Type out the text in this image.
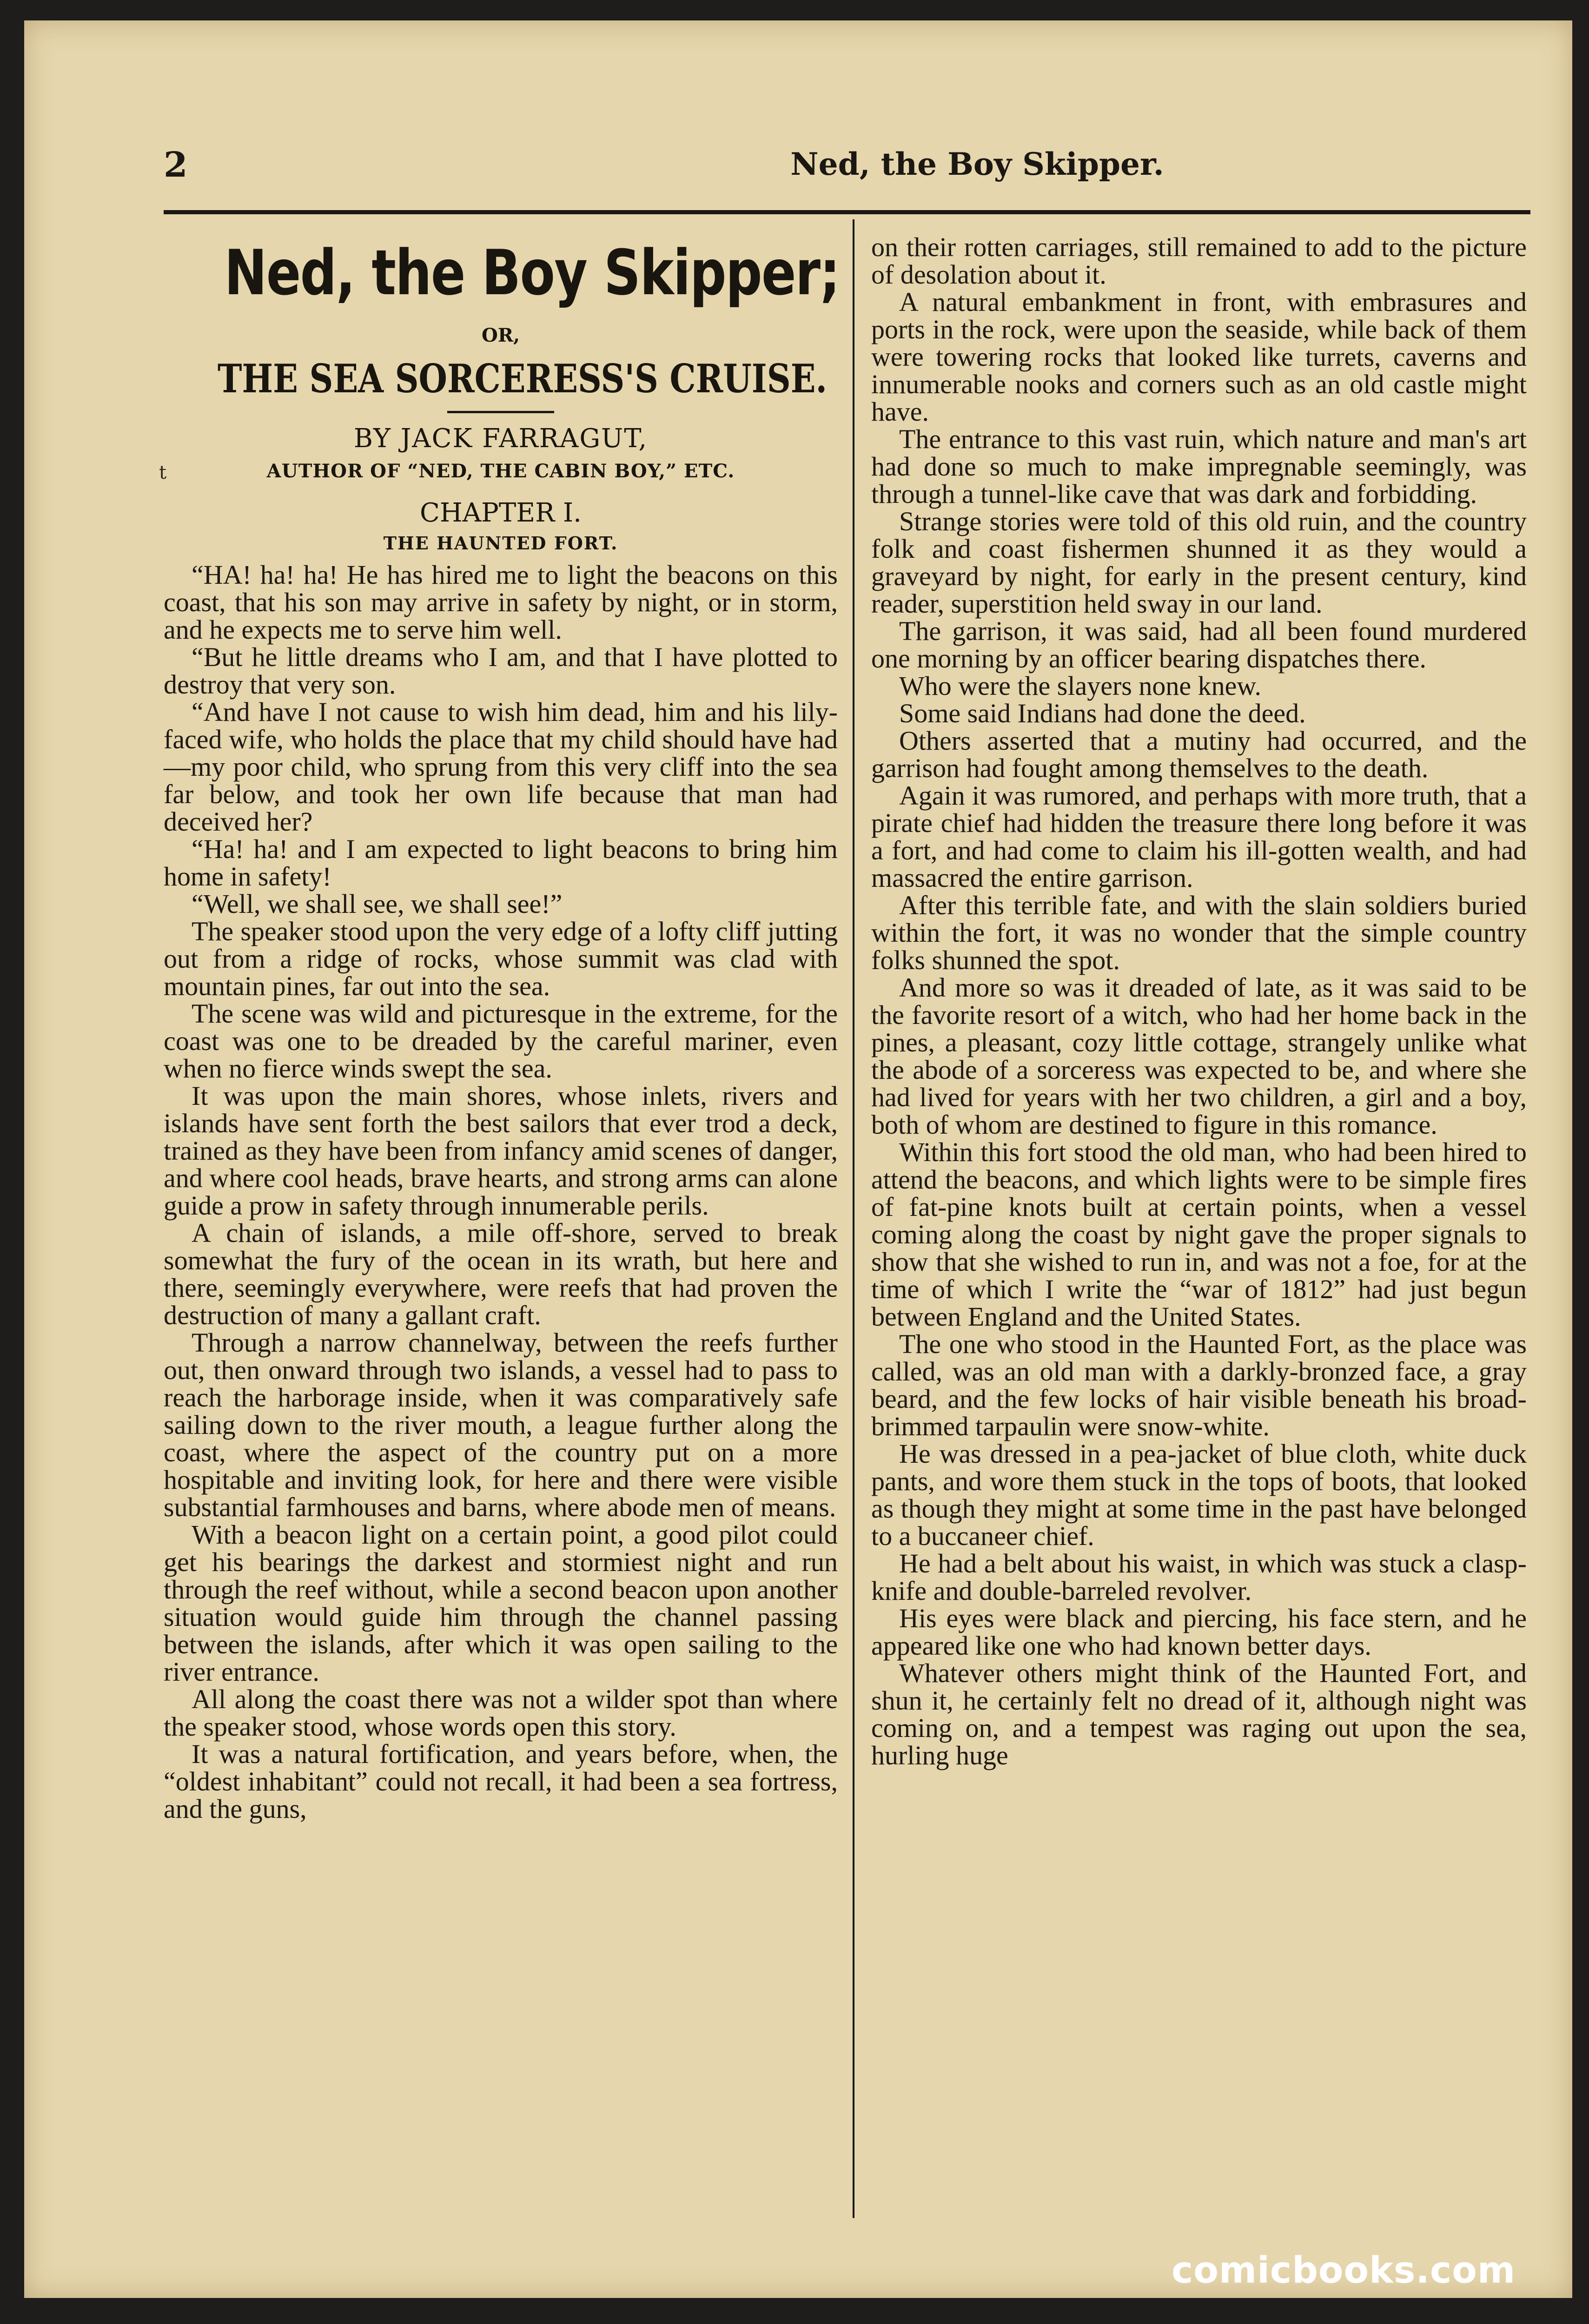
t
2	Ned, the Boy Skipper.
Ned, the Boy Skipper;
OR,
THE SEA SORCERESS'S CRUISE.
BY JACK FARRAGUT,
AUTHOR OF “NED, THE CABIN BOY,” ETC.
CHAPTER I.
THE HAUNTED FORT.

“HA! ha! ha! He has hired me to light the beacons on this coast, that his son may arrive in safety by night, or in storm, and he expects me to serve him well.

“But he little dreams who I am, and that I have plotted to destroy that very son.

“And have I not cause to wish him dead, him and his lily-faced wife, who holds the place that my child should have had—my poor child, who sprung from this very cliff into the sea far below, and took her own life because that man had deceived her?

“Ha! ha! and I am expected to light beacons to bring him home in safety!

“Well, we shall see, we shall see!”

The speaker stood upon the very edge of a lofty cliff jutting out from a ridge of rocks, whose summit was clad with mountain pines, far out into the sea.

The scene was wild and picturesque in the extreme, for the coast was one to be dreaded by the careful mariner, even when no fierce winds swept the sea.

It was upon the main shores, whose inlets, rivers and islands have sent forth the best sailors that ever trod a deck, trained as they have been from infancy amid scenes of danger, and where cool heads, brave hearts, and strong arms can alone guide a prow in safety through innumerable perils.

A chain of islands, a mile off-shore, served to break somewhat the fury of the ocean in its wrath, but here and there, seemingly everywhere, were reefs that had proven the destruction of many a gallant craft.

Through a narrow channelway, between the reefs further out, then onward through two islands, a vessel had to pass to reach the harborage inside, when it was comparatively safe sailing down to the river mouth, a league further along the coast, where the aspect of the country put on a more hospitable and inviting look, for here and there were visible substantial farmhouses and barns, where abode men of means.

With a beacon light on a certain point, a good pilot could get his bearings the darkest and stormiest night and run through the reef without, while a second beacon upon another situation would guide him through the channel passing between the islands, after which it was open sailing to the river entrance.

All along the coast there was not a wilder spot than where the speaker stood, whose words open this story.

It was a natural fortification, and years before, when, the “oldest inhabitant” could not recall, it had been a sea fortress, and the guns,

on their rotten carriages, still remained to add to the picture of desolation about it.

A natural embankment in front, with embrasures and ports in the rock, were upon the seaside, while back of them were towering rocks that looked like turrets, caverns and innumerable nooks and corners such as an old castle might have.

The entrance to this vast ruin, which nature and man's art had done so much to make impregnable seemingly, was through a tunnel-like cave that was dark and forbidding.

Strange stories were told of this old ruin, and the country folk and coast fishermen shunned it as they would a graveyard by night, for early in the present century, kind reader, superstition held sway in our land.

The garrison, it was said, had all been found murdered one morning by an officer bearing dispatches there.

Who were the slayers none knew.

Some said Indians had done the deed.

Others asserted that a mutiny had occurred, and the garrison had fought among themselves to the death.

Again it was rumored, and perhaps with more truth, that a pirate chief had hidden the treasure there long before it was a fort, and had come to claim his ill-gotten wealth, and had massacred the entire garrison.

After this terrible fate, and with the slain soldiers buried within the fort, it was no wonder that the simple country folks shunned the spot.

And more so was it dreaded of late, as it was said to be the favorite resort of a witch, who had her home back in the pines, a pleasant, cozy little cottage, strangely unlike what the abode of a sorceress was expected to be, and where she had lived for years with her two children, a girl and a boy, both of whom are destined to figure in this romance.

Within this fort stood the old man, who had been hired to attend the beacons, and which lights were to be simple fires of fat-pine knots built at certain points, when a vessel coming along the coast by night gave the proper signals to show that she wished to run in, and was not a foe, for at the time of which I write the “war of 1812” had just begun between England and the United States.

The one who stood in the Haunted Fort, as the place was called, was an old man with a darkly-bronzed face, a gray beard, and the few locks of hair visible beneath his broad-brimmed tarpaulin were snow-white.

He was dressed in a pea-jacket of blue cloth, white duck pants, and wore them stuck in the tops of boots, that looked as though they might at some time in the past have belonged to a buccaneer chief.

He had a belt about his waist, in which was stuck a clasp-knife and double-barreled revolver.

His eyes were black and piercing, his face stern, and he appeared like one who had known better days.

Whatever others might think of the Haunted Fort, and shun it, he certainly felt no dread of it, although night was coming on, and a tempest was raging out upon the sea, hurling huge

comicbooks.com
